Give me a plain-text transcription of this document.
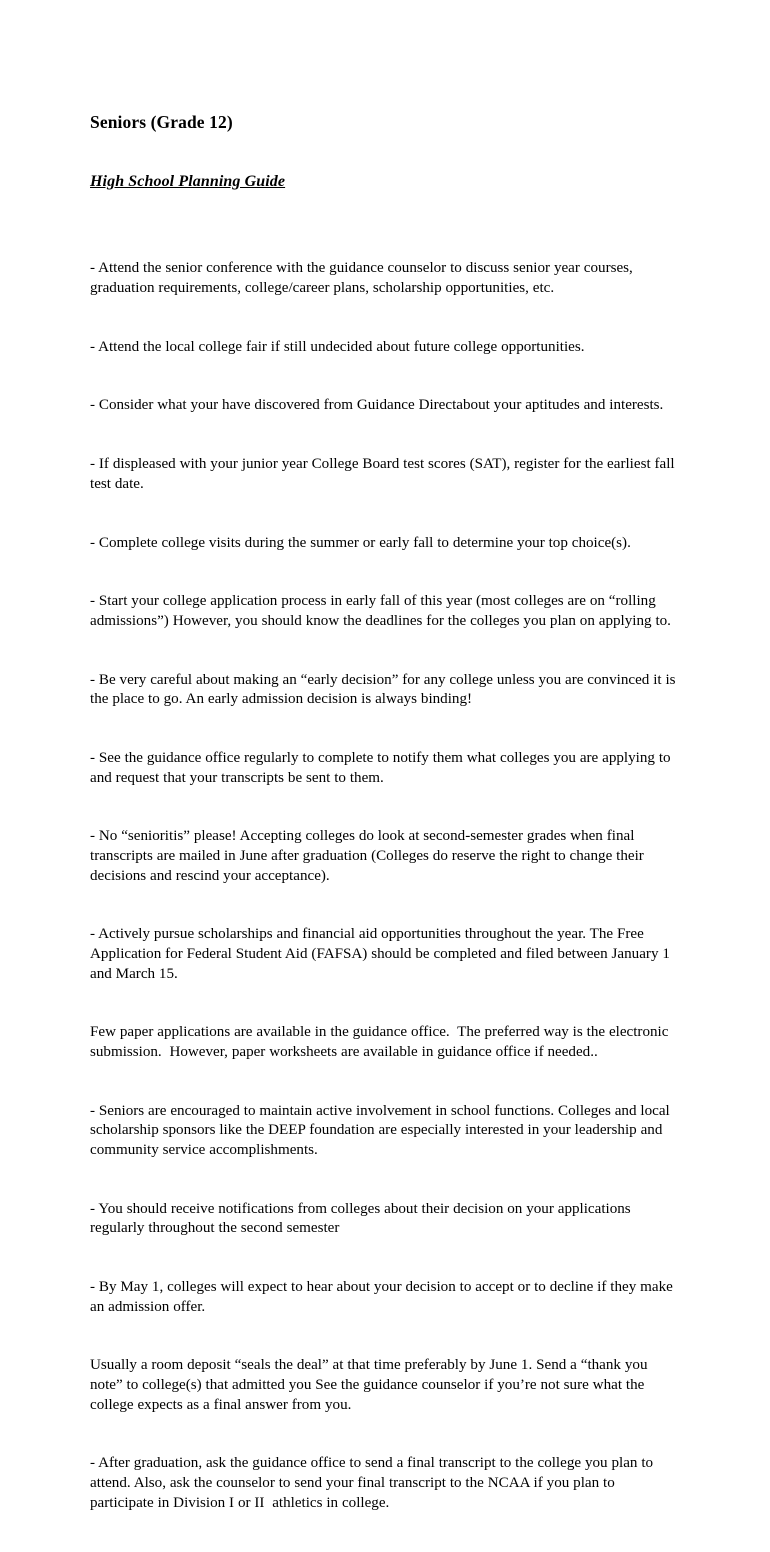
Seniors (Grade 12)
High School Planning Guide

- Attend the senior conference with the guidance counselor to discuss senior year courses, graduation requirements, college/career plans, scholarship opportunities, etc.

- Attend the local college fair if still undecided about future college opportunities.

- Consider what your have discovered from Guidance Directabout your aptitudes and interests.

- If displeased with your junior year College Board test scores (SAT), register for the earliest fall test date.

- Complete college visits during the summer or early fall to determine your top choice(s).

- Start your college application process in early fall of this year (most colleges are on “rolling admissions”) However, you should know the deadlines for the colleges you plan on applying to.

- Be very careful about making an “early decision” for any college unless you are convinced it is the place to go. An early admission decision is always binding!

- See the guidance office regularly to complete to notify them what colleges you are applying to and request that your transcripts be sent to them.

- No “senioritis” please! Accepting colleges do look at second-semester grades when final transcripts are mailed in June after graduation (Colleges do reserve the right to change their decisions and rescind your acceptance).

- Actively pursue scholarships and financial aid opportunities throughout the year. The Free Application for Federal Student Aid (FAFSA) should be completed and filed between January 1 and March 15.

Few paper applications are available in the guidance office.  The preferred way is the electronic submission.  However, paper worksheets are available in guidance office if needed..

- Seniors are encouraged to maintain active involvement in school functions. Colleges and local scholarship sponsors like the DEEP foundation are especially interested in your leadership and community service accomplishments.

- You should receive notifications from colleges about their decision on your applications regularly throughout the second semester

- By May 1, colleges will expect to hear about your decision to accept or to decline if they make an admission offer.

Usually a room deposit “seals the deal” at that time preferably by June 1. Send a “thank you note” to college(s) that admitted you See the guidance counselor if you’re not sure what the college expects as a final answer from you.

- After graduation, ask the guidance office to send a final transcript to the college you plan to attend. Also, ask the counselor to send your final transcript to the NCAA if you plan to participate in Division I or II  athletics in college.
